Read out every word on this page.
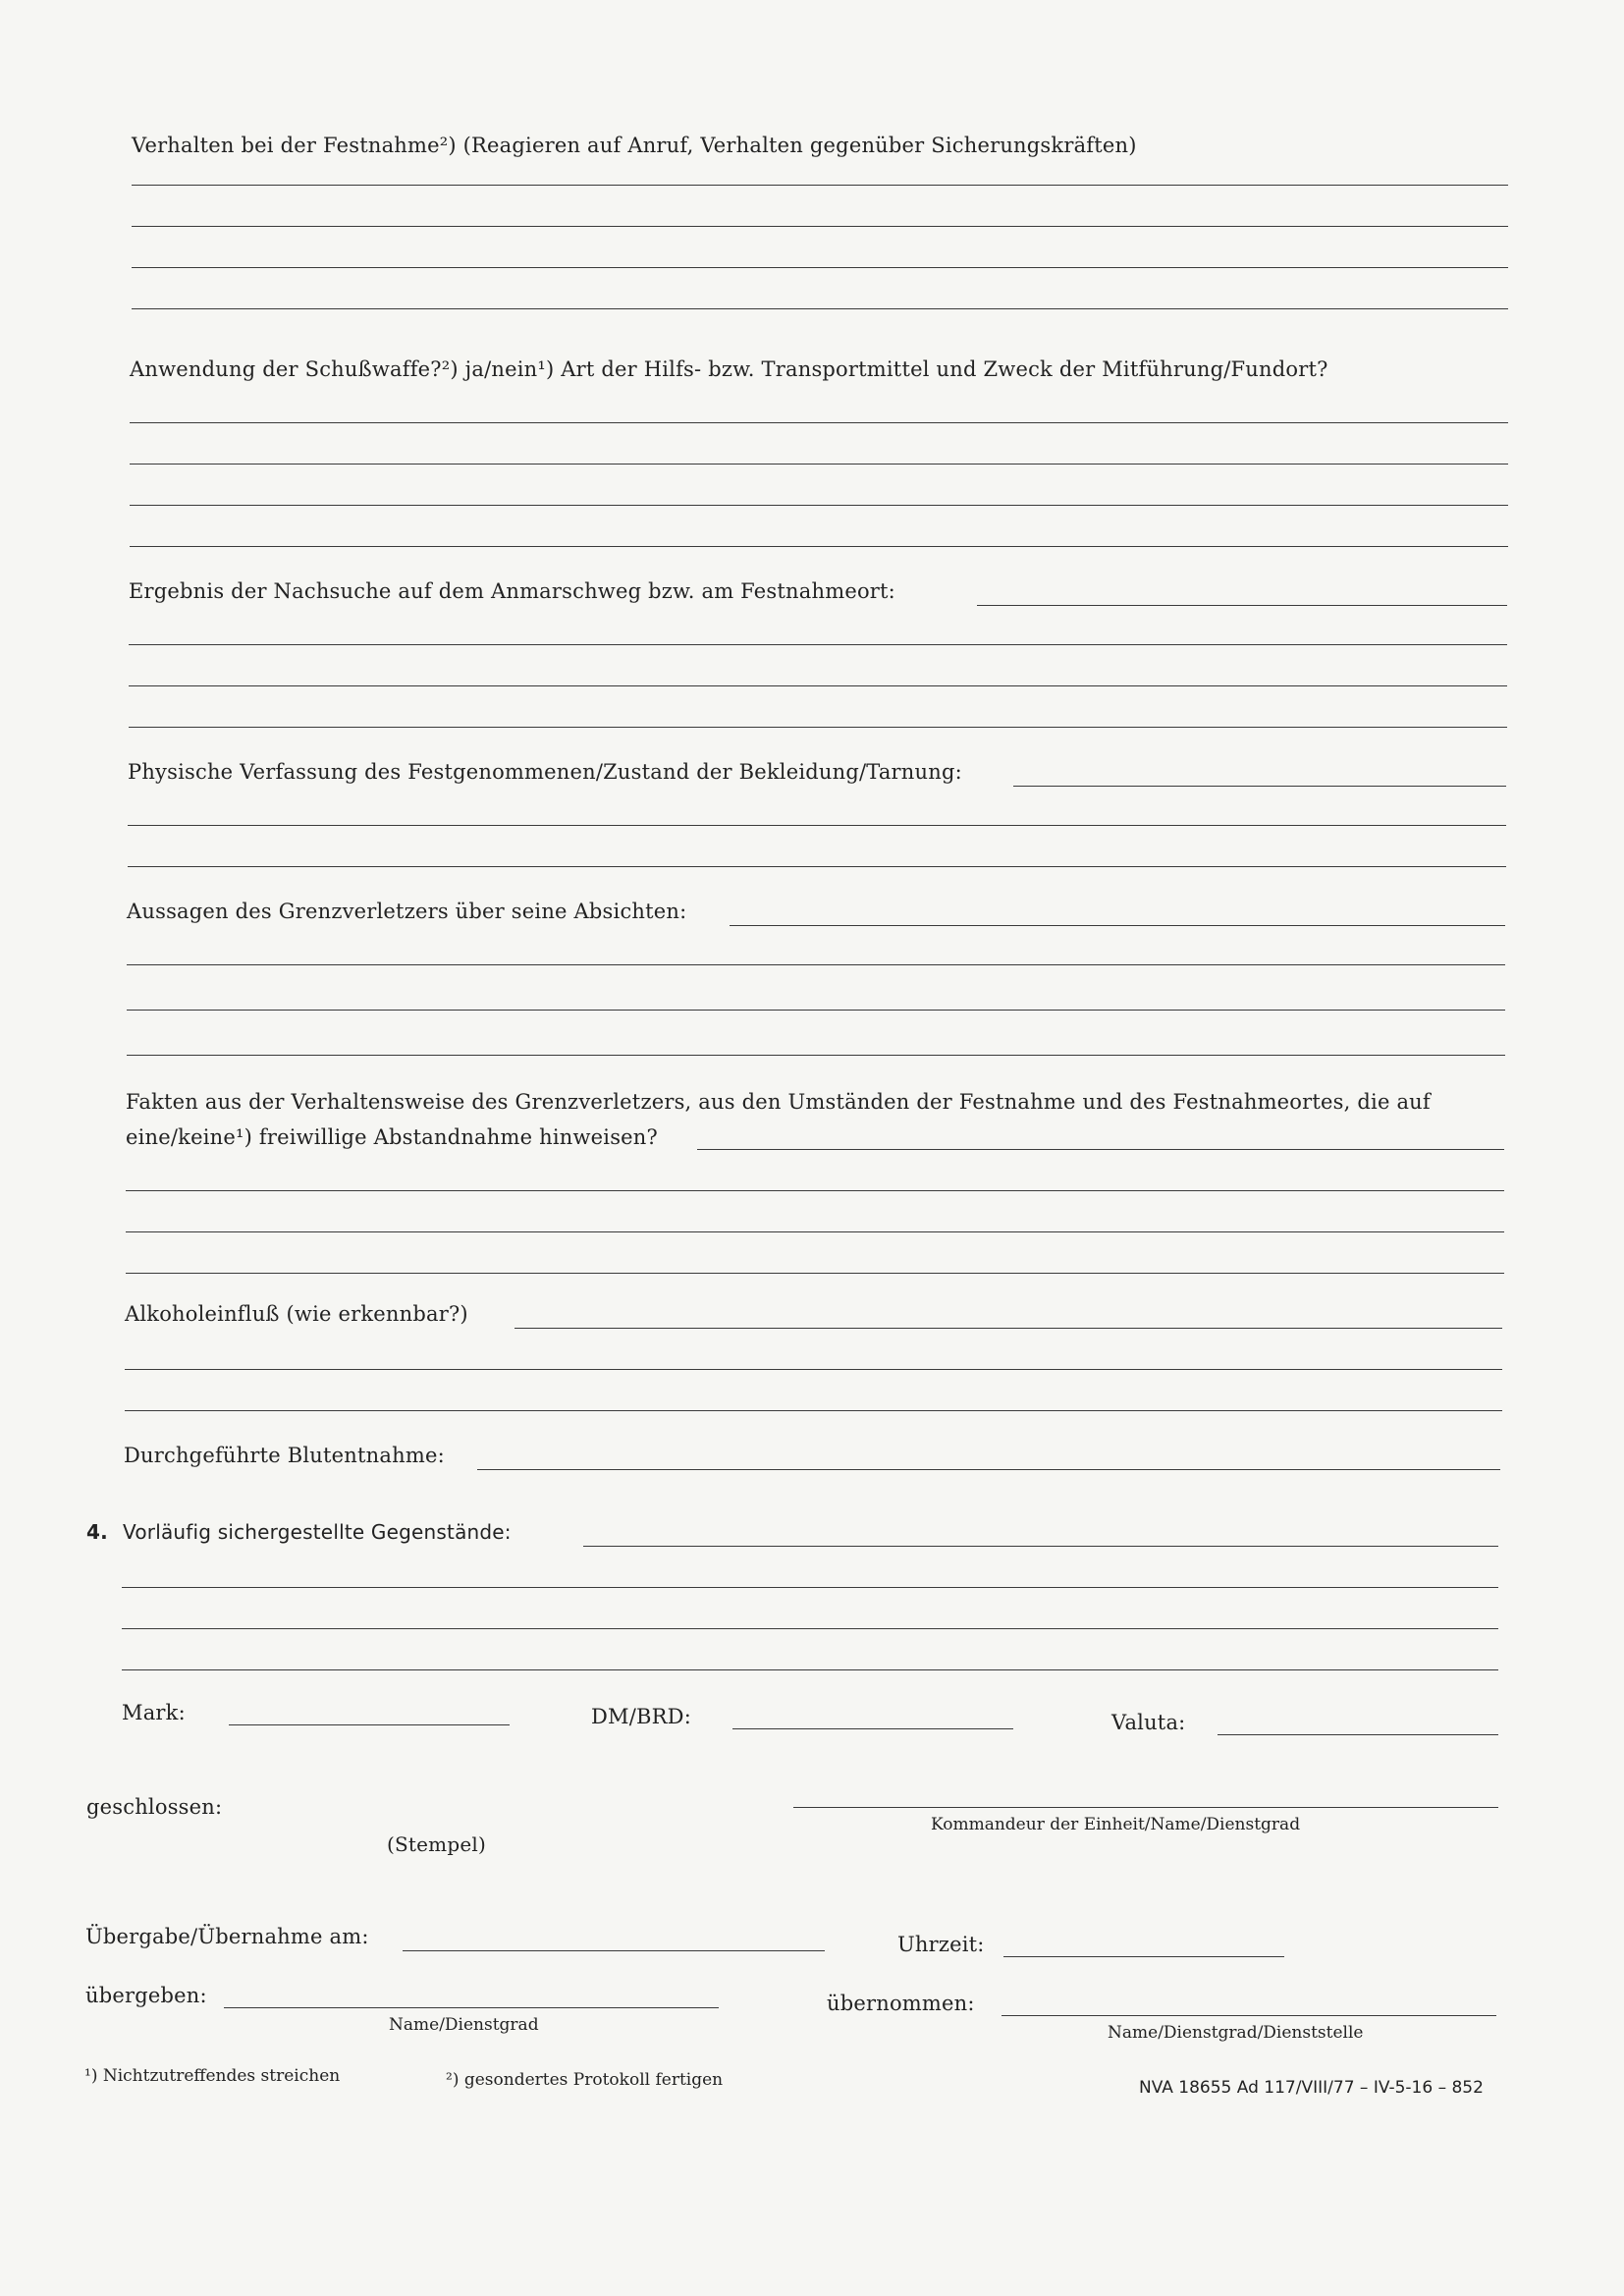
Verhalten bei der Festnahme²) (Reagieren auf Anruf, Verhalten gegenüber Sicherungskräften)
Anwendung der Schußwaffe?²) ja/nein¹) Art der Hilfs- bzw. Transportmittel und Zweck der Mitführung/Fundort?
Ergebnis der Nachsuche auf dem Anmarschweg bzw. am Festnahmeort:
Physische Verfassung des Festgenommenen/Zustand der Bekleidung/Tarnung:
Aussagen des Grenzverletzers über seine Absichten:
Fakten aus der Verhaltensweise des Grenzverletzers, aus den Umständen der Festnahme und des Festnahmeortes, die auf
eine/keine¹) freiwillige Abstandnahme hinweisen?
Alkoholeinfluß (wie erkennbar?)
Durchgeführte Blutentnahme:
4. Vorläufig sichergestellte Gegenstände:
Mark:	DM/BRD:	Valuta:
geschlossen:
Kommandeur der Einheit/Name/Dienstgrad
(Stempel)
Übergabe/Übernahme am:	Uhrzeit:
übergeben:
Name/Dienstgrad
übernommen:
Name/Dienstgrad/Dienststelle
¹) Nichtzutreffendes streichen	²) gesondertes Protokoll fertigen	NVA 18655 Ad 117/VIII/77 – IV-5-16 – 852
